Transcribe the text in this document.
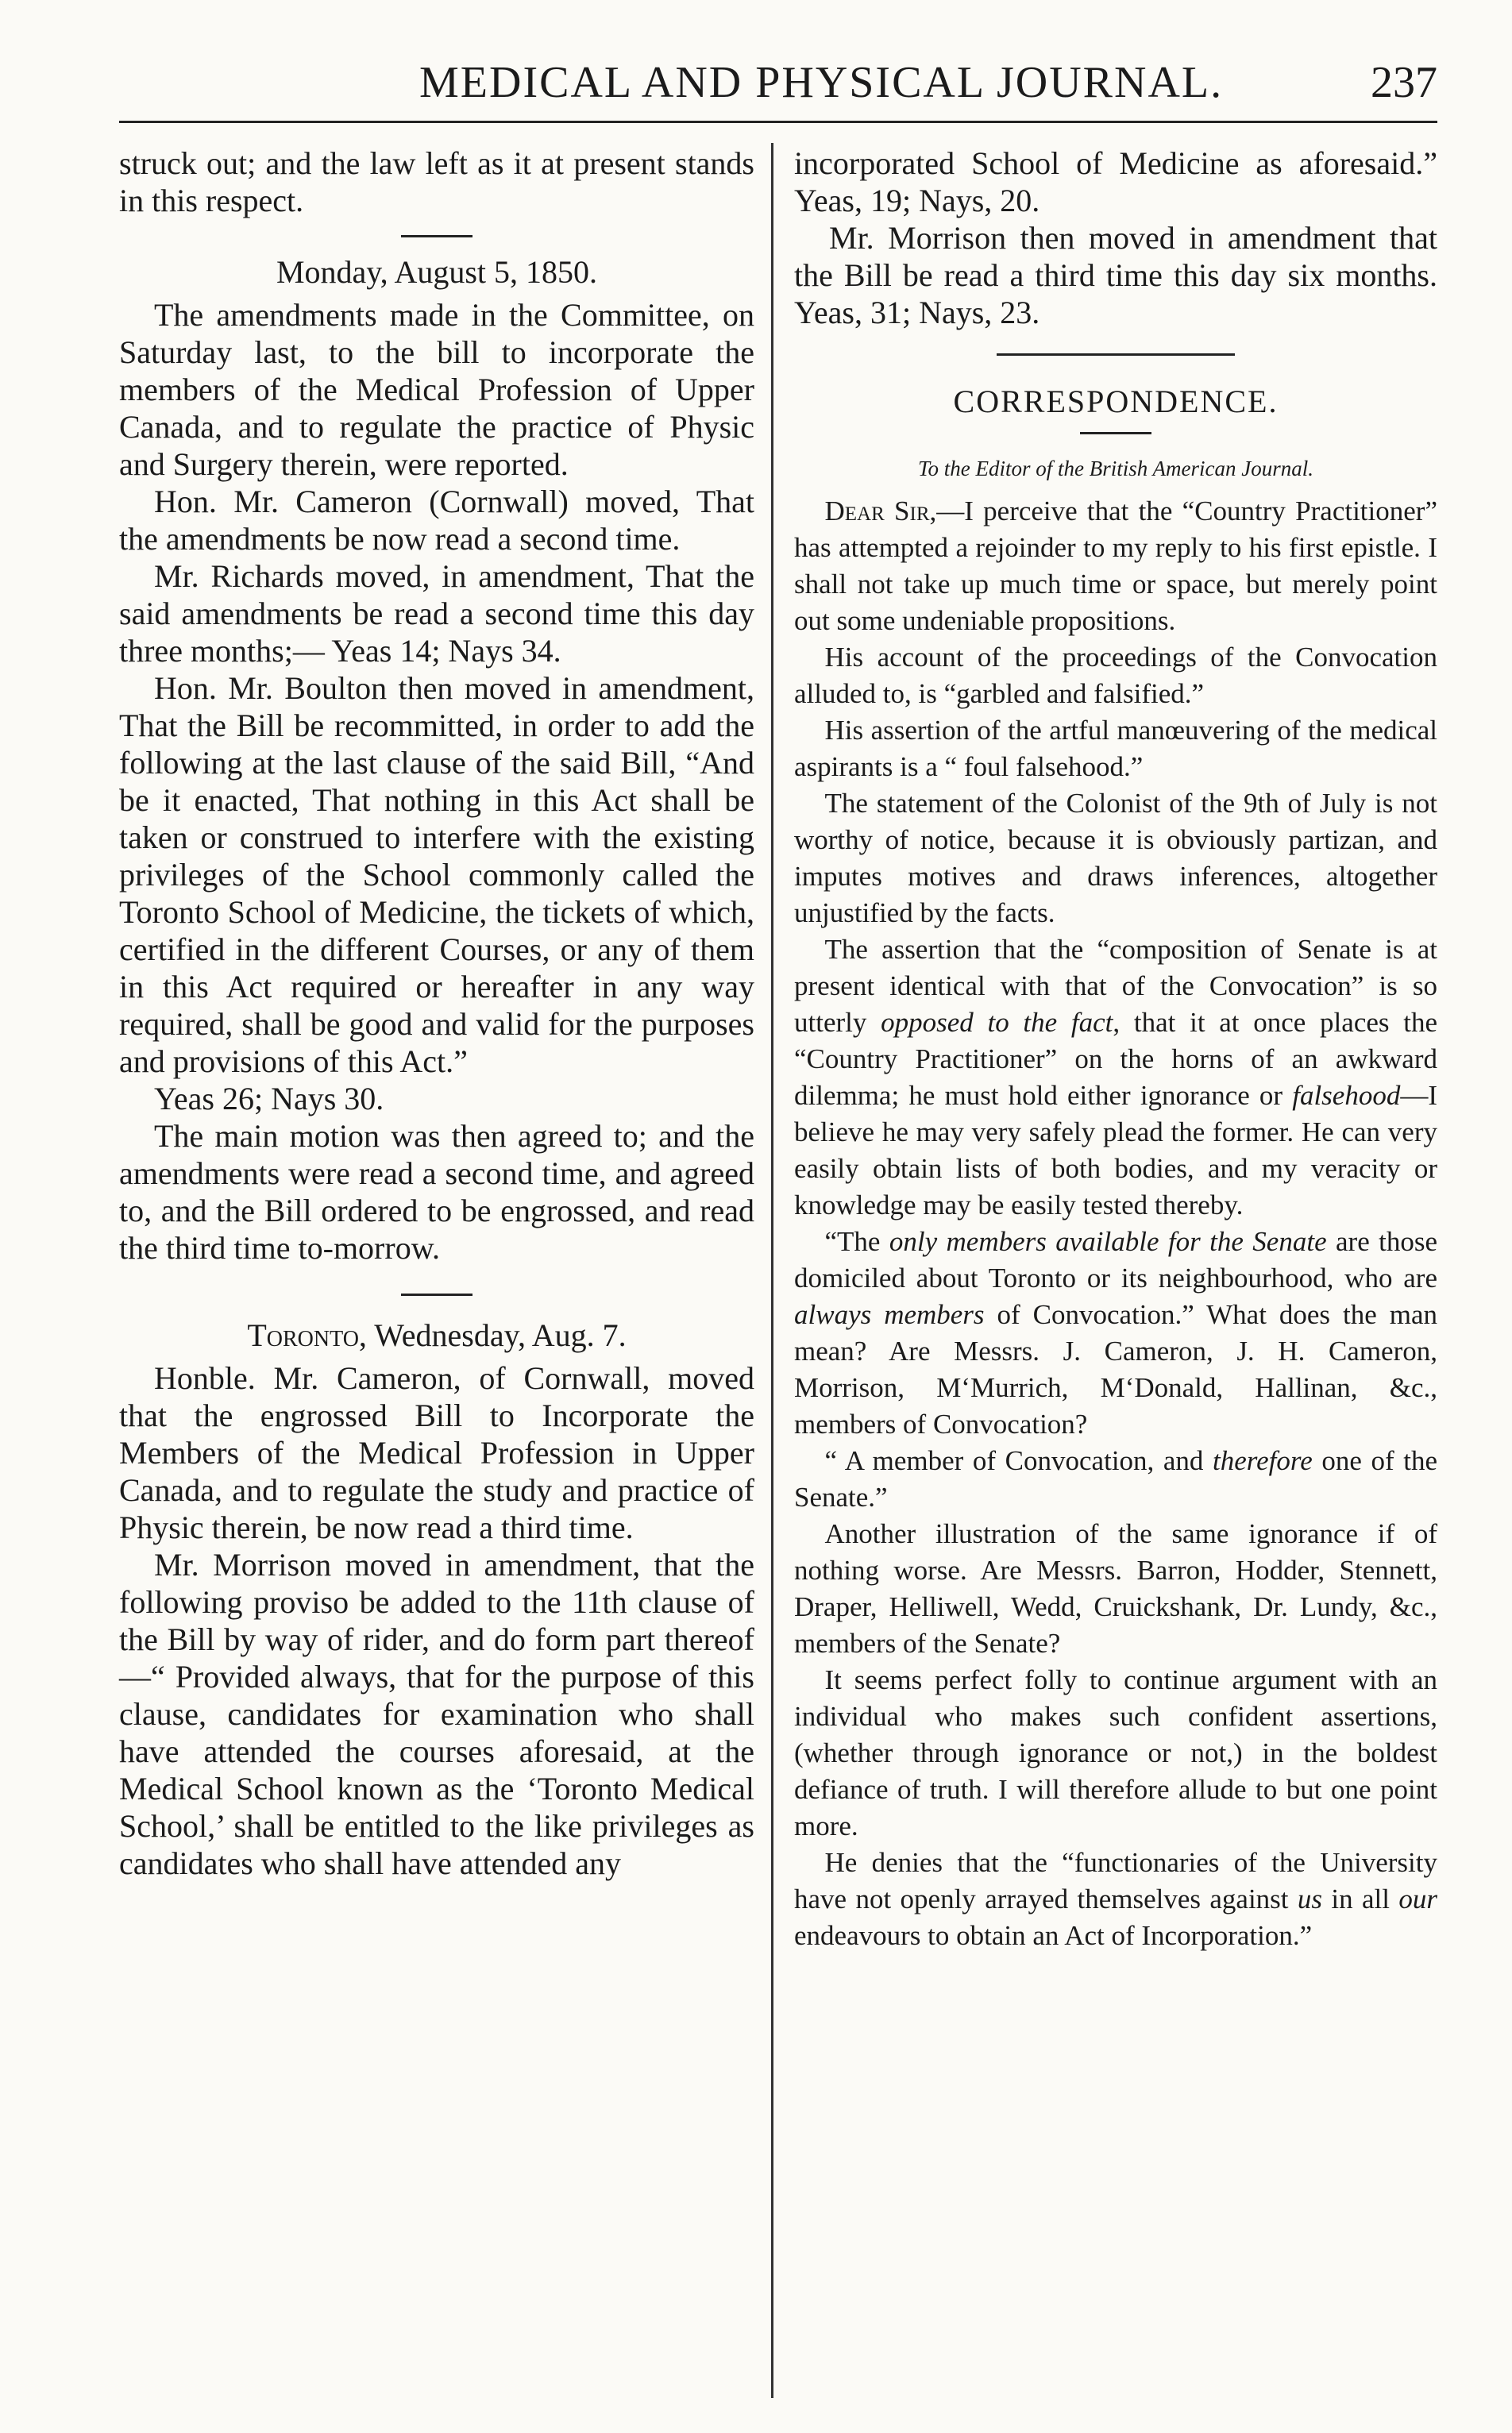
MEDICAL AND PHYSICAL JOURNAL.	237

struck out; and the law left as it at present stands in this respect.

Monday, August 5, 1850.

The amendments made in the Committee, on Saturday last, to the bill to incorporate the members of the Medical Profession of Upper Canada, and to regulate the practice of Physic and Surgery therein, were reported.

Hon. Mr. Cameron (Cornwall) moved, That the amendments be now read a second time.

Mr. Richards moved, in amendment, That the said amendments be read a second time this day three months;— Yeas 14; Nays 34.

Hon. Mr. Boulton then moved in amendment, That the Bill be recommitted, in order to add the following at the last clause of the said Bill, “And be it enacted, That nothing in this Act shall be taken or construed to interfere with the existing privileges of the School commonly called the Toronto School of Medicine, the tickets of which, certified in the different Courses, or any of them in this Act required or hereafter in any way required, shall be good and valid for the purposes and provisions of this Act.”

Yeas 26; Nays 30.

The main motion was then agreed to; and the amendments were read a second time, and agreed to, and the Bill ordered to be engrossed, and read the third time to-morrow.

Toronto, Wednesday, Aug. 7.

Honble. Mr. Cameron, of Cornwall, moved that the engrossed Bill to Incorporate the Members of the Medical Profession in Upper Canada, and to regulate the study and practice of Physic therein, be now read a third time.

Mr. Morrison moved in amendment, that the following proviso be added to the 11th clause of the Bill by way of rider, and do form part thereof—“ Provided always, that for the purpose of this clause, candidates for examination who shall have attended the courses aforesaid, at the Medical School known as the ‘Toronto Medical School,’ shall be entitled to the like privileges as candidates who shall have attended any

incorporated School of Medicine as aforesaid.” Yeas, 19; Nays, 20.

Mr. Morrison then moved in amendment that the Bill be read a third time this day six months. Yeas, 31; Nays, 23.

CORRESPONDENCE.
To the Editor of the British American Journal.

Dear Sir,—I perceive that the “Country Practitioner” has attempted a rejoinder to my reply to his first epistle. I shall not take up much time or space, but merely point out some undeniable propositions.

His account of the proceedings of the Convocation alluded to, is “garbled and falsified.”

His assertion of the artful manœuvering of the medical aspirants is a “ foul falsehood.”

The statement of the Colonist of the 9th of July is not worthy of notice, because it is obviously partizan, and imputes motives and draws inferences, altogether unjustified by the facts.

The assertion that the “composition of Senate is at present identical with that of the Convocation” is so utterly opposed to the fact, that it at once places the “Country Practitioner” on the horns of an awkward dilemma; he must hold either ignorance or falsehood—I believe he may very safely plead the former. He can very easily obtain lists of both bodies, and my veracity or knowledge may be easily tested thereby.

“The only members available for the Senate are those domiciled about Toronto or its neighbourhood, who are always members of Convocation.” What does the man mean? Are Messrs. J. Cameron, J. H. Cameron, Morrison, M‘Murrich, M‘Donald, Hallinan, &c., members of Convocation?

“ A member of Convocation, and therefore one of the Senate.”

Another illustration of the same ignorance if of nothing worse. Are Messrs. Barron, Hodder, Stennett, Draper, Helliwell, Wedd, Cruickshank, Dr. Lundy, &c., members of the Senate?

It seems perfect folly to continue argument with an individual who makes such confident assertions, (whether through ignorance or not,) in the boldest defiance of truth. I will therefore allude to but one point more.

He denies that the “functionaries of the University have not openly arrayed themselves against us in all our endeavours to obtain an Act of Incorporation.”
